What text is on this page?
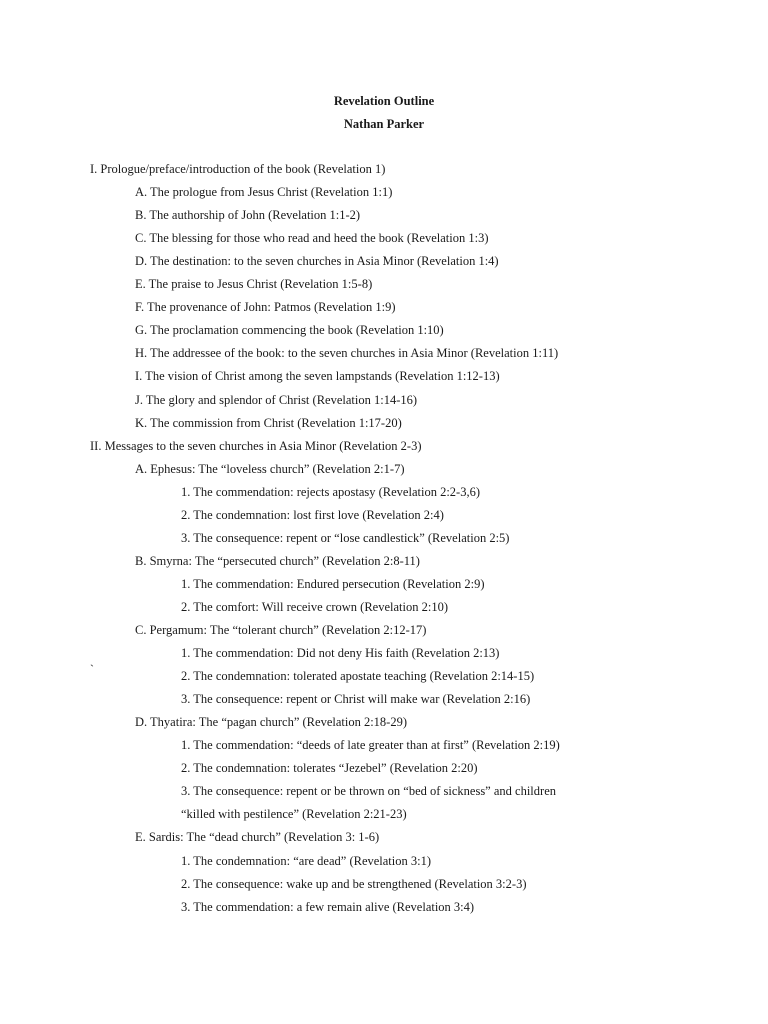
Revelation Outline
Nathan Parker
`
I. Prologue/preface/introduction of the book (Revelation 1)
A. The prologue from Jesus Christ (Revelation 1:1)
B. The authorship of John (Revelation 1:1-2)
C. The blessing for those who read and heed the book (Revelation 1:3)
D. The destination: to the seven churches in Asia Minor (Revelation 1:4)
E. The praise to Jesus Christ (Revelation 1:5-8)
F. The provenance of John: Patmos (Revelation 1:9)
G. The proclamation commencing the book (Revelation 1:10)
H. The addressee of the book: to the seven churches in Asia Minor (Revelation 1:11)
I. The vision of Christ among the seven lampstands (Revelation 1:12-13)
J. The glory and splendor of Christ (Revelation 1:14-16)
K. The commission from Christ (Revelation 1:17-20)
II. Messages to the seven churches in Asia Minor (Revelation 2-3)
A. Ephesus: The “loveless church” (Revelation 2:1-7)
1. The commendation: rejects apostasy (Revelation 2:2-3,6)
2. The condemnation: lost first love (Revelation 2:4)
3. The consequence: repent or “lose candlestick” (Revelation 2:5)
B. Smyrna: The “persecuted church” (Revelation 2:8-11)
1. The commendation: Endured persecution (Revelation 2:9)
2. The comfort: Will receive crown (Revelation 2:10)
C. Pergamum: The “tolerant church” (Revelation 2:12-17)
1. The commendation: Did not deny His faith (Revelation 2:13)
2. The condemnation: tolerated apostate teaching (Revelation 2:14-15)
3. The consequence: repent or Christ will make war (Revelation 2:16)
D. Thyatira: The “pagan church” (Revelation 2:18-29)
1. The commendation: “deeds of late greater than at first” (Revelation 2:19)
2. The condemnation: tolerates “Jezebel” (Revelation 2:20)
3. The consequence: repent or be thrown on “bed of sickness” and children
“killed with pestilence” (Revelation 2:21-23)
E. Sardis: The “dead church” (Revelation 3: 1-6)
1. The condemnation: “are dead” (Revelation 3:1)
2. The consequence: wake up and be strengthened (Revelation 3:2-3)
3. The commendation: a few remain alive (Revelation 3:4)
